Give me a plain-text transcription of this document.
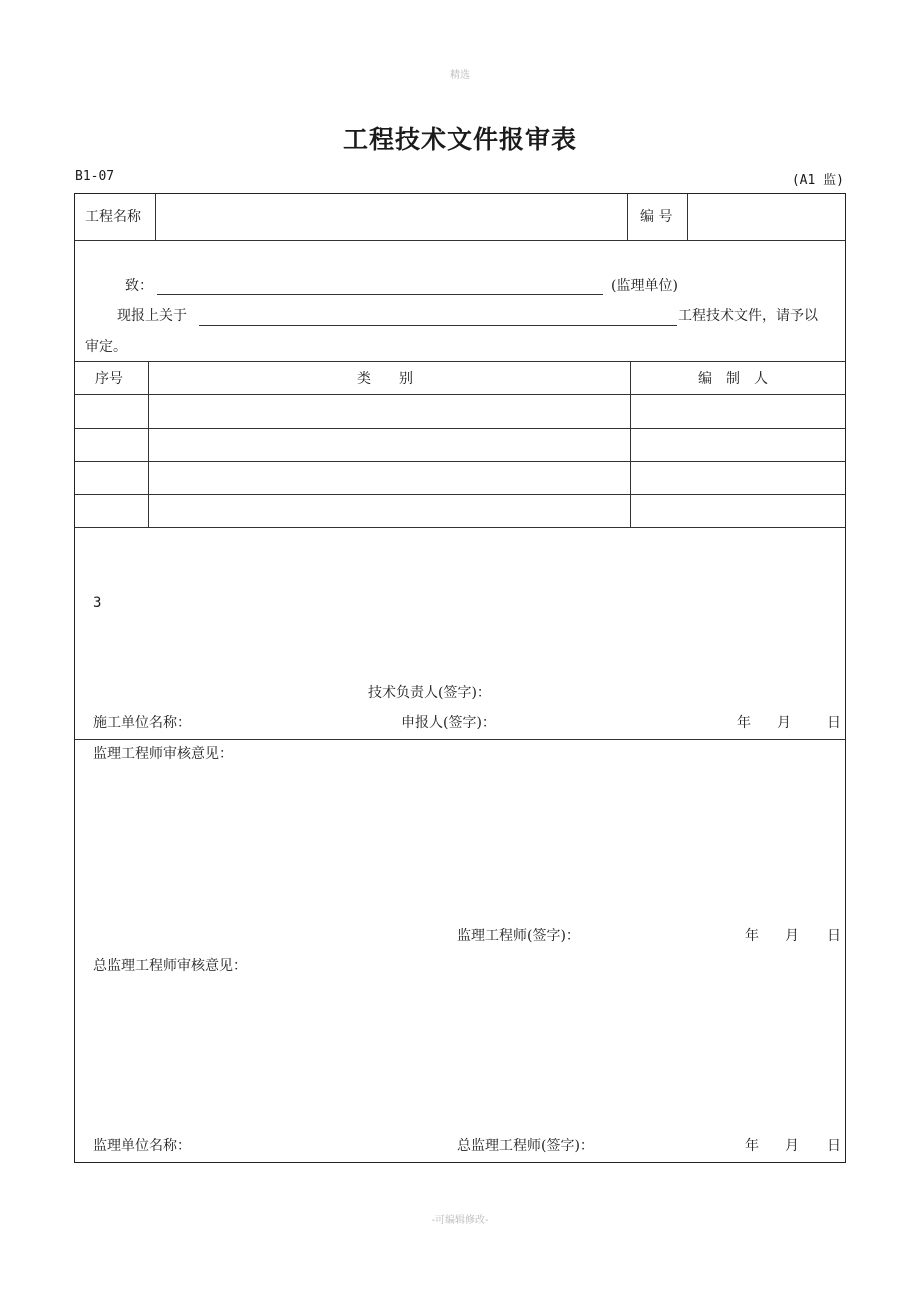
精选
工程技术文件报审表
B1-07	(A1 监)
工程名称	编 号
致：	(监理单位)
现报上关于	工程技术文件，请予以
审定。
序号	类　　别	编　制　人
3
技术负责人(签字)：
施工单位名称：	申报人(签字)：	年 月	日
监理工程师审核意见：
监理工程师(签字)：	年 月 日
总监理工程师审核意见：
监理单位名称：	总监理工程师(签字)：	年 月 日
-可编辑修改-
